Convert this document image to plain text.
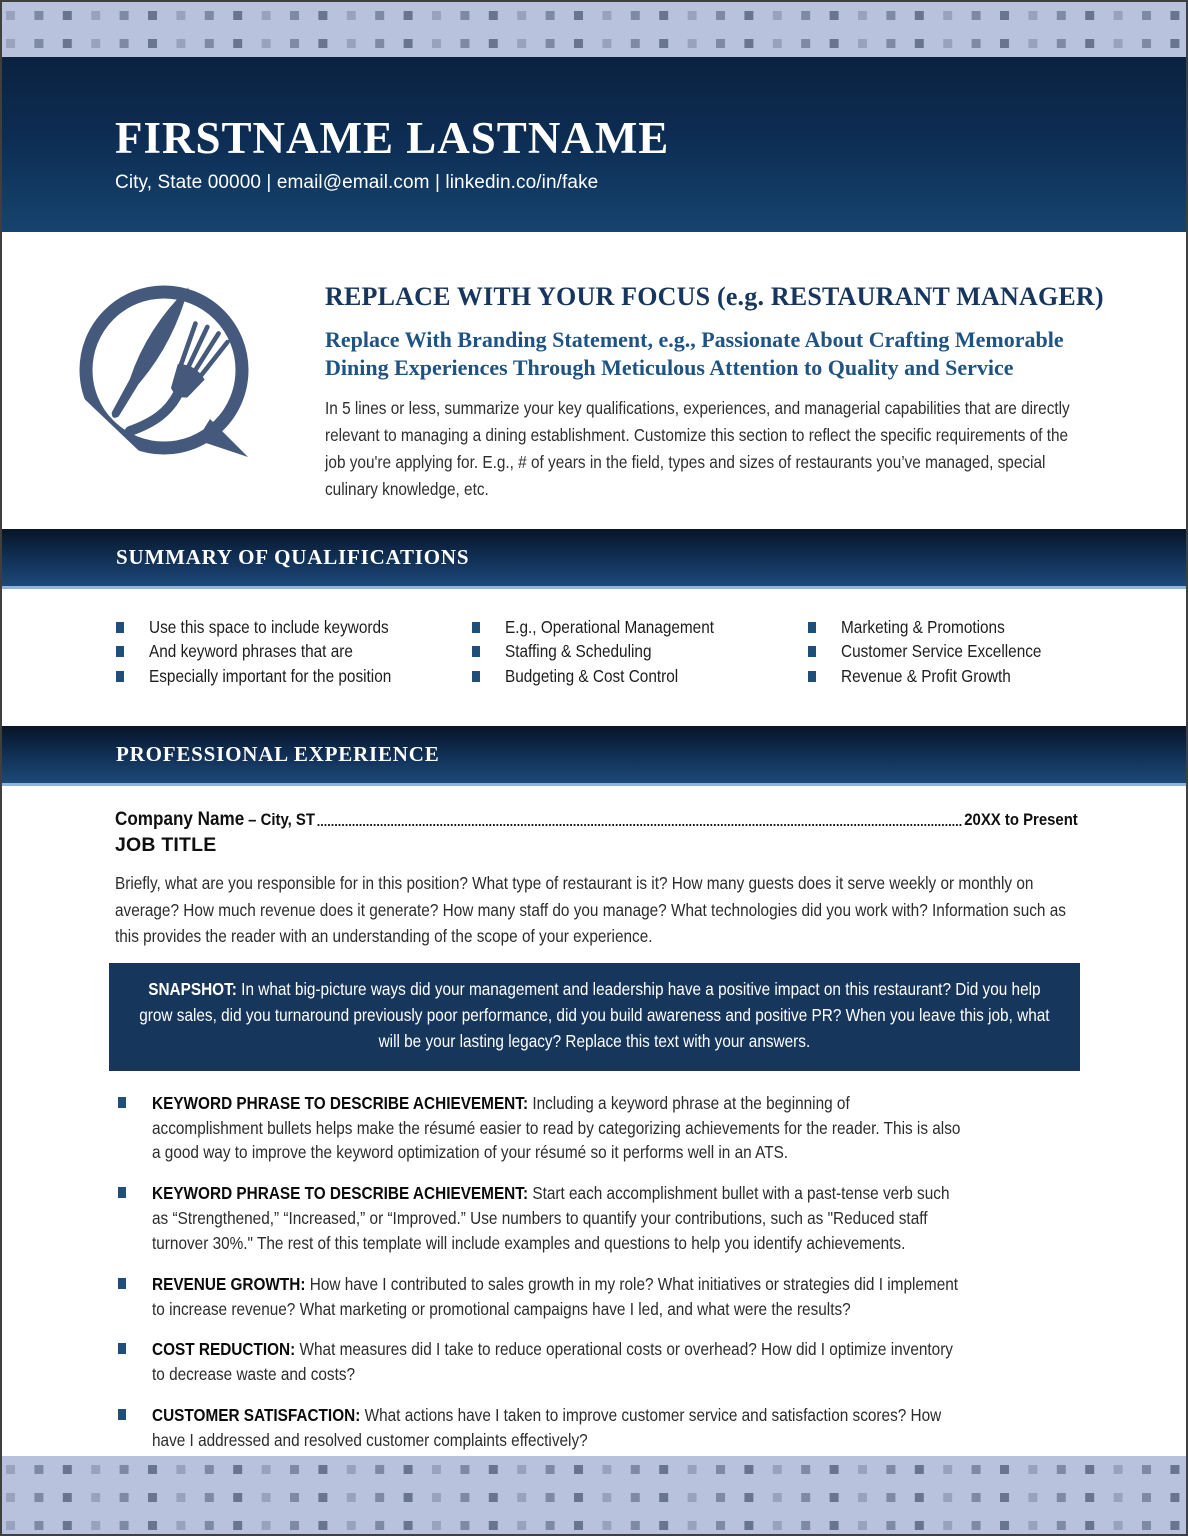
FIRSTNAME LASTNAME
City, State 00000 | email@email.com | linkedin.co/in/fake
REPLACE WITH YOUR FOCUS (e.g. RESTAURANT MANAGER)
Replace With Branding Statement, e.g., Passionate About Crafting Memorable Dining Experiences Through Meticulous Attention to Quality and Service

In 5 lines or less, summarize your key qualifications, experiences, and managerial capabilities that are directly relevant to managing a dining establishment. Customize this section to reflect the specific requirements of the job you're applying for. E.g., # of years in the field, types and sizes of restaurants you’ve managed, special culinary knowledge, etc.

SUMMARY OF QUALIFICATIONS
Use this space to include keywords
And keyword phrases that are
Especially important for the position
E.g., Operational Management
Staffing & Scheduling
Budgeting & Cost Control
Marketing & Promotions
Customer Service Excellence
Revenue & Profit Growth
PROFESSIONAL EXPERIENCE
Company Name
– City, ST	20XX to Present
JOB TITLE

Briefly, what are you responsible for in this position? What type of restaurant is it? How many guests does it serve weekly or monthly on average? How much revenue does it generate? How many staff do you manage? What technologies did you work with? Information such as this provides the reader with an understanding of the scope of your experience.

SNAPSHOT: In what big-picture ways did your management and leadership have a positive impact on this restaurant? Did you help grow sales, did you turnaround previously poor performance, did you build awareness and positive PR? When you leave this job, what will be your lasting legacy? Replace this text with your answers.
KEYWORD PHRASE TO DESCRIBE ACHIEVEMENT: Including a keyword phrase at the beginning of accomplishment bullets helps make the résumé easier to read by categorizing achievements for the reader. This is also a good way to improve the keyword optimization of your résumé so it performs well in an ATS.
KEYWORD PHRASE TO DESCRIBE ACHIEVEMENT: Start each accomplishment bullet with a past-tense verb such as “Strengthened,” “Increased,” or “Improved.” Use numbers to quantify your contributions, such as "Reduced staff turnover 30%." The rest of this template will include examples and questions to help you identify achievements.
REVENUE GROWTH: How have I contributed to sales growth in my role? What initiatives or strategies did I implement to increase revenue? What marketing or promotional campaigns have I led, and what were the results?
COST REDUCTION: What measures did I take to reduce operational costs or overhead? How did I optimize inventory to decrease waste and costs?
CUSTOMER SATISFACTION: What actions have I taken to improve customer service and satisfaction scores? How have I addressed and resolved customer complaints effectively?
